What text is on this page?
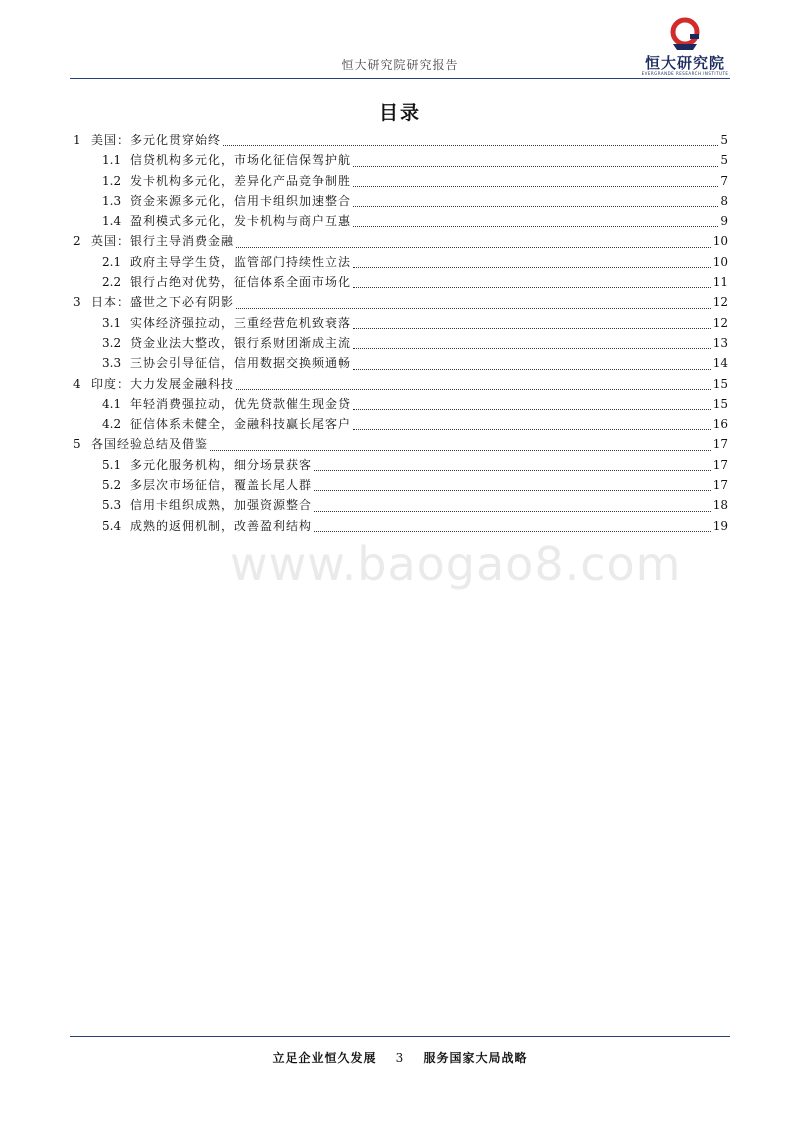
恒大研究院
EVERGRANDE RESEARCH INSTITUTE
恒大研究院研究报告
目录
1 美国：多元化贯穿始终	5
1.1 信贷机构多元化，市场化征信保驾护航	5
1.2 发卡机构多元化，差异化产品竞争制胜	7
1.3 资金来源多元化，信用卡组织加速整合	8
1.4 盈利模式多元化，发卡机构与商户互惠	9
2 英国：银行主导消费金融	10
2.1 政府主导学生贷，监管部门持续性立法	10
2.2 银行占绝对优势，征信体系全面市场化	11
3 日本：盛世之下必有阴影	12
3.1 实体经济强拉动，三重经营危机致衰落	12
3.2 贷金业法大整改，银行系财团渐成主流	13
3.3 三协会引导征信，信用数据交换频通畅	14
4 印度：大力发展金融科技	15
4.1 年轻消费强拉动，优先贷款催生现金贷	15
4.2 征信体系未健全，金融科技赢长尾客户	16
5 各国经验总结及借鉴	17
5.1 多元化服务机构，细分场景获客	17
5.2 多层次市场征信，覆盖长尾人群	17
5.3 信用卡组织成熟，加强资源整合	18
5.4 成熟的返佣机制，改善盈利结构	19
www.baogao8.com
立足企业恒久发展 3 服务国家大局战略
